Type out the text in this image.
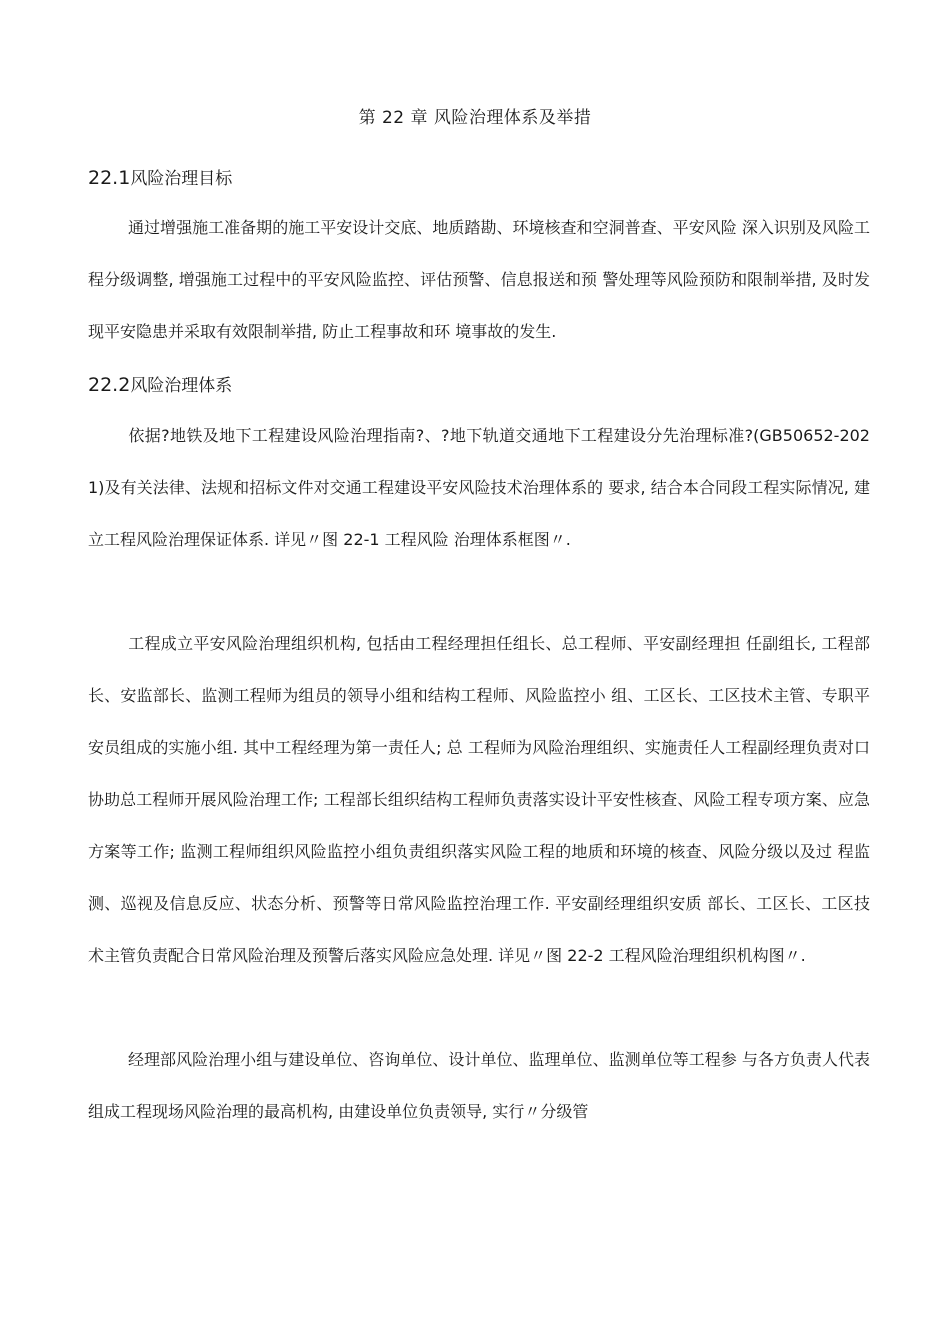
第 22 章 风险治理体系及举措
22.1风险治理目标

通过增强施工准备期的施工平安设计交底、地质踏勘、环境核查和空洞普查、平安风险 深入识别及风险工程分级调整, 增强施工过程中的平安风险监控、评估预警、信息报送和预 警处理等风险预防和限制举措, 及时发现平安隐患并采取有效限制举措, 防止工程事故和环 境事故的发生.

22.2风险治理体系

依据?地铁及地下工程建设风险治理指南?、?地下轨道交通地下工程建设分先治理标准?(GB50652-2021)及有关法律、法规和招标文件对交通工程建设平安风险技术治理体系的 要求, 结合本合同段工程实际情况, 建立工程风险治理保证体系. 详见〃图 22-1 工程风险 治理体系框图〃.

工程成立平安风险治理组织机构, 包括由工程经理担任组长、总工程师、平安副经理担 任副组长, 工程部长、安监部长、监测工程师为组员的领导小组和结构工程师、风险监控小 组、工区长、工区技术主管、专职平安员组成的实施小组. 其中工程经理为第一责任人; 总 工程师为风险治理组织、实施责任人工程副经理负责对口协助总工程师开展风险治理工作; 工程部长组织结构工程师负责落实设计平安性核查、风险工程专项方案、应急方案等工作; 监测工程师组织风险监控小组负责组织落实风险工程的地质和环境的核查、风险分级以及过 程监测、巡视及信息反应、状态分析、预警等日常风险监控治理工作. 平安副经理组织安质 部长、工区长、工区技术主管负责配合日常风险治理及预警后落实风险应急处理. 详见〃图 22-2 工程风险治理组织机构图〃.

经理部风险治理小组与建设单位、咨询单位、设计单位、监理单位、监测单位等工程参 与各方负责人代表组成工程现场风险治理的最高机构, 由建设单位负责领导, 实行〃分级管
